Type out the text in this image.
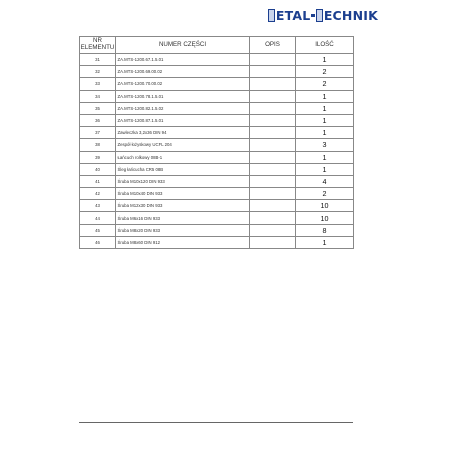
ETAL ECHNIK
NR
ELEMENTU	NUMER CZĘŚCI	OPIS	ILOŚĆ
31	ZA.MTS-1200.67.1.5.01		1
32	ZA.MTS-1200.69.00.02		2
33	ZA.MTS-1200.70.00.02		2
34	ZA.MTS-1200.78.1.5.01		1
35	ZA.MTS-1200.82.1.5.02		1
36	ZA.MTS-1200.87.1.5.01		1
37	Zawleczka 3,2x36 DIN 94		1
38	Zespół łożyskowy UCFL 204		3
39	Łańcuch rolkowy 08B-1		1
40	Śleg łańcucha CR5 08B		1
41	Śruba M10x120 DIN 933		4
42	Śruba M10x40 DIN 933		2
43	Śruba M12x30 DIN 933		10
44	Śruba M6x16 DIN 933		10
45	Śruba M8x20 DIN 933		8
46	Śruba M8x60 DIN 912		1
